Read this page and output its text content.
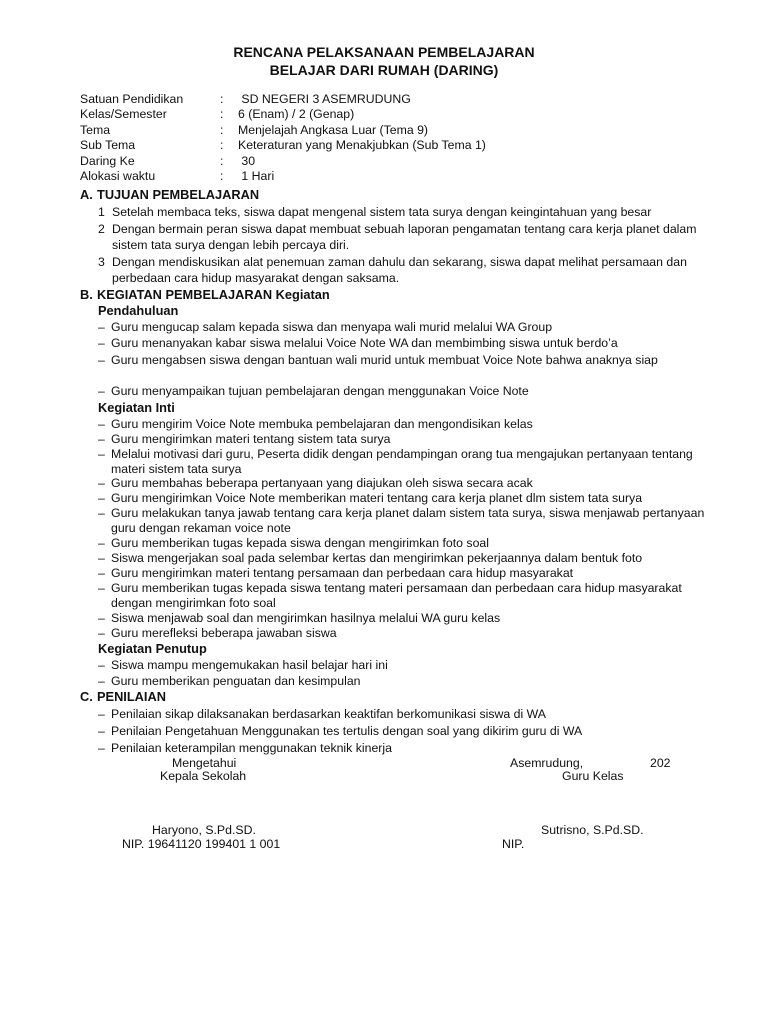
RENCANA PELAKSANAAN PEMBELAJARAN
BELAJAR DARI RUMAH (DARING)
Satuan Pendidikan	: SD NEGERI 3 ASEMRUDUNG
Kelas/Semester	: 6 (Enam) / 2 (Genap)
Tema	: Menjelajah Angkasa Luar (Tema 9)
Sub Tema	: Keteraturan yang Menakjubkan (Sub Tema 1)
Daring Ke	: 30
Alokasi waktu	: 1 Hari
A. TUJUAN PEMBELAJARAN
1 Setelah membaca teks, siswa dapat mengenal sistem tata surya dengan keingintahuan yang besar
2 Dengan bermain peran siswa dapat membuat sebuah laporan pengamatan tentang cara kerja planet dalam sistem tata surya dengan lebih percaya diri.
3 Dengan mendiskusikan alat penemuan zaman dahulu dan sekarang, siswa dapat melihat persamaan dan perbedaan cara hidup masyarakat dengan saksama.
B. KEGIATAN PEMBELAJARAN Kegiatan
Pendahuluan
– Guru mengucap salam kepada siswa dan menyapa wali murid melalui WA Group
– Guru menanyakan kabar siswa melalui Voice Note WA dan membimbing siswa untuk berdo’a
– Guru mengabsen siswa dengan bantuan wali murid untuk membuat Voice Note bahwa anaknya siap
– Guru menyampaikan tujuan pembelajaran dengan menggunakan Voice Note
Kegiatan Inti
– Guru mengirim Voice Note membuka pembelajaran dan mengondisikan kelas
– Guru mengirimkan materi tentang sistem tata surya
– Melalui motivasi dari guru, Peserta didik dengan pendampingan orang tua mengajukan pertanyaan tentang materi sistem tata surya
– Guru membahas beberapa pertanyaan yang diajukan oleh siswa secara acak
– Guru mengirimkan Voice Note memberikan materi tentang cara kerja planet dlm sistem tata surya
– Guru melakukan tanya jawab tentang cara kerja planet dalam sistem tata surya, siswa menjawab pertanyaan guru dengan rekaman voice note
– Guru memberikan tugas kepada siswa dengan mengirimkan foto soal
– Siswa mengerjakan soal pada selembar kertas dan mengirimkan pekerjaannya dalam bentuk foto
– Guru mengirimkan materi tentang persamaan dan perbedaan cara hidup masyarakat
– Guru memberikan tugas kepada siswa tentang materi persamaan dan perbedaan cara hidup masyarakat dengan mengirimkan foto soal
– Siswa menjawab soal dan mengirimkan hasilnya melalui WA guru kelas
– Guru merefleksi beberapa jawaban siswa
Kegiatan Penutup
– Siswa mampu mengemukakan hasil belajar hari ini
– Guru memberikan penguatan dan kesimpulan
C. PENILAIAN
– Penilaian sikap dilaksanakan berdasarkan keaktifan berkomunikasi siswa di WA
– Penilaian Pengetahuan Menggunakan tes tertulis dengan soal yang dikirim guru di WA
– Penilaian keterampilan menggunakan teknik kinerja
Mengetahui	Asemrudung,	202
Kepala Sekolah	Guru Kelas
Haryono, S.Pd.SD.	Sutrisno, S.Pd.SD.
NIP. 19641120 199401 1 001	NIP.
